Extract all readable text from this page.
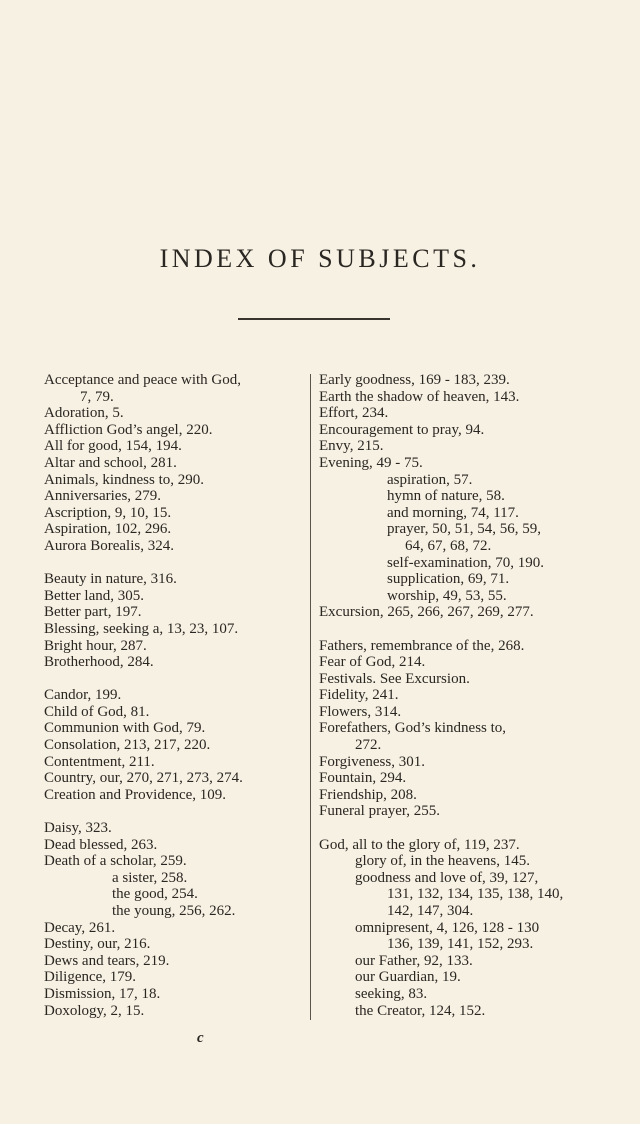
INDEX OF SUBJECTS.
Acceptance and peace with God,
7, 79.
Adoration, 5.
Affliction God’s angel, 220.
All for good, 154, 194.
Altar and school, 281.
Animals, kindness to, 290.
Anniversaries, 279.
Ascription, 9, 10, 15.
Aspiration, 102, 296.
Aurora Borealis, 324.
Beauty in nature, 316.
Better land, 305.
Better part, 197.
Blessing, seeking a, 13, 23, 107.
Bright hour, 287.
Brotherhood, 284.
Candor, 199.
Child of God, 81.
Communion with God, 79.
Consolation, 213, 217, 220.
Contentment, 211.
Country, our, 270, 271, 273, 274.
Creation and Providence, 109.
Daisy, 323.
Dead blessed, 263.
Death of a scholar, 259.
a sister, 258.
the good, 254.
the young, 256, 262.
Decay, 261.
Destiny, our, 216.
Dews and tears, 219.
Diligence, 179.
Dismission, 17, 18.
Doxology, 2, 15.
Early goodness, 169 - 183, 239.
Earth the shadow of heaven, 143.
Effort, 234.
Encouragement to pray, 94.
Envy, 215.
Evening, 49 - 75.
aspiration, 57.
hymn of nature, 58.
and morning, 74, 117.
prayer, 50, 51, 54, 56, 59,
64, 67, 68, 72.
self-examination, 70, 190.
supplication, 69, 71.
worship, 49, 53, 55.
Excursion, 265, 266, 267, 269, 277.
Fathers, remembrance of the, 268.
Fear of God, 214.
Festivals. See Excursion.
Fidelity, 241.
Flowers, 314.
Forefathers, God’s kindness to,
272.
Forgiveness, 301.
Fountain, 294.
Friendship, 208.
Funeral prayer, 255.
God, all to the glory of, 119, 237.
glory of, in the heavens, 145.
goodness and love of, 39, 127,
131, 132, 134, 135, 138, 140,
142, 147, 304.
omnipresent, 4, 126, 128 - 130
136, 139, 141, 152, 293.
our Father, 92, 133.
our Guardian, 19.
seeking, 83.
the Creator, 124, 152.
c
